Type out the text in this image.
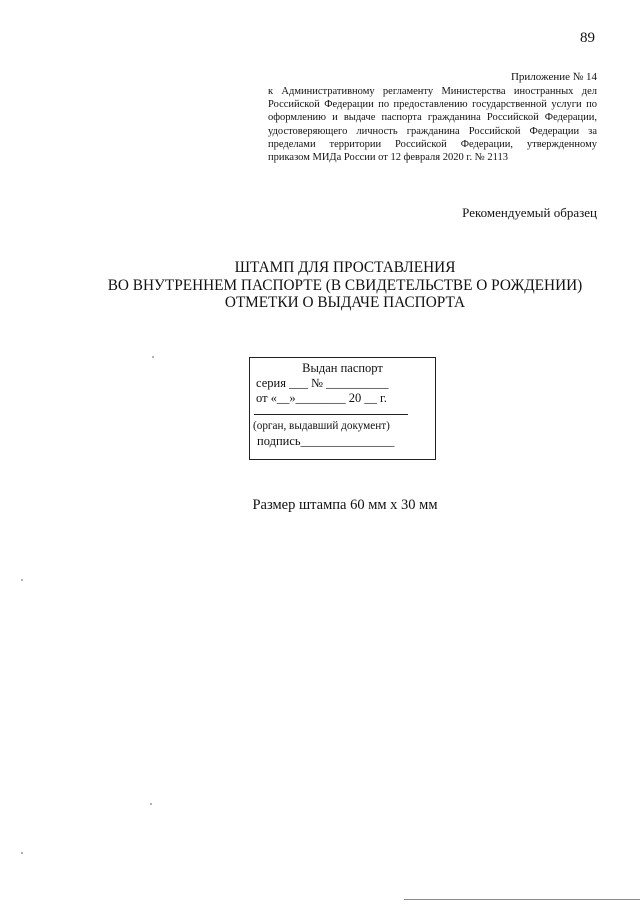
89
Приложение № 14
к Административному регламенту Министерства иностранных дел
Российской Федерации по предоставлению государственной услуги по
оформлению и выдаче паспорта гражданина Российской Федерации,
удостоверяющего личность гражданина Российской Федерации за
пределами территории Российской Федерации, утвержденному
приказом МИДа России от 12 февраля 2020 г. № 2113
Рекомендуемый образец
ШТАМП ДЛЯ ПРОСТАВЛЕНИЯ
ВО ВНУТРЕННЕМ ПАСПОРТЕ (В СВИДЕТЕЛЬСТВЕ О РОЖДЕНИИ)
ОТМЕТКИ О ВЫДАЧЕ ПАСПОРТА
Выдан паспорт
серия ___ № __________
от «__»________ 20 __ г.
(орган, выдавший документ)
подпись_______________
Размер штампа 60 мм х 30 мм
